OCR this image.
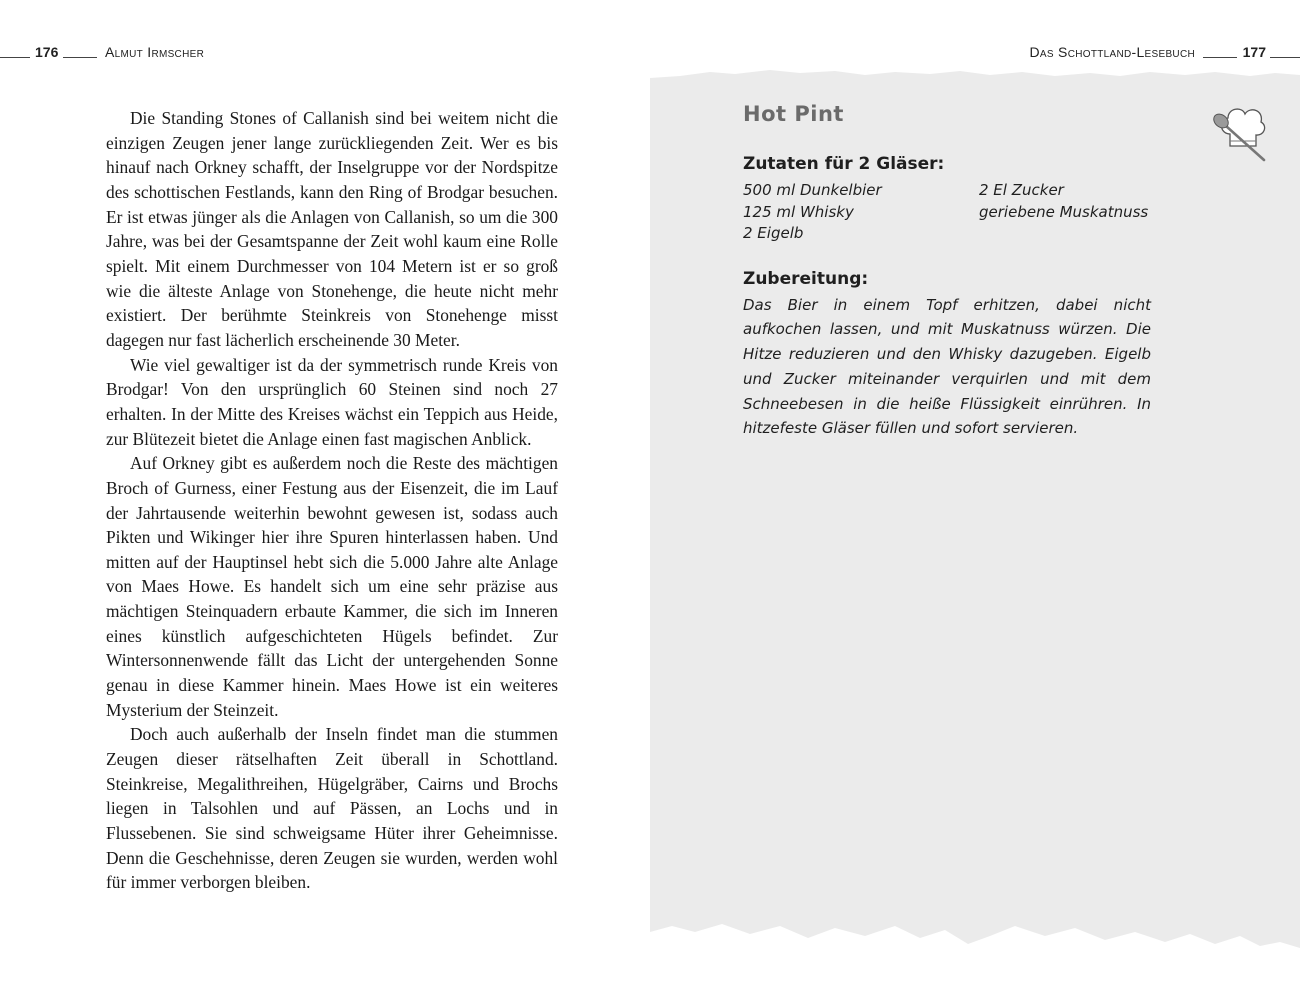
176	Almut Irmscher	Das Schottland-Lesebuch	177

Die Standing Stones of Callanish sind bei weitem nicht die einzigen Zeugen jener lange zurückliegenden Zeit. Wer es bis hinauf nach Orkney schafft, der Inselgruppe vor der Nordspitze des schottischen Festlands, kann den Ring of Brodgar besuchen. Er ist etwas jünger als die Anlagen von Callanish, so um die 300 Jahre, was bei der Gesamtspanne der Zeit wohl kaum eine Rolle spielt. Mit einem Durchmesser von 104 Metern ist er so groß wie die älteste Anlage von Stonehenge, die heute nicht mehr existiert. Der berühmte Steinkreis von Stonehenge misst dagegen nur fast lächerlich erscheinende 30 Meter.

Wie viel gewaltiger ist da der symmetrisch runde Kreis von Brodgar! Von den ursprünglich 60 Steinen sind noch 27 erhalten. In der Mitte des Kreises wächst ein Teppich aus Heide, zur Blütezeit bietet die Anlage einen fast magischen Anblick.

Auf Orkney gibt es außerdem noch die Reste des mächtigen Broch of Gurness, einer Festung aus der Eisenzeit, die im Lauf der Jahrtausende weiterhin bewohnt gewesen ist, sodass auch Pikten und Wikinger hier ihre Spuren hinterlassen haben. Und mitten auf der Hauptinsel hebt sich die 5.000 Jahre alte Anlage von Maes Howe. Es handelt sich um eine sehr präzise aus mächtigen Steinquadern erbaute Kammer, die sich im Inneren eines künstlich aufgeschichteten Hügels befindet. Zur Wintersonnenwende fällt das Licht der untergehenden Sonne genau in diese Kammer hinein. Maes Howe ist ein weiteres Mysterium der Steinzeit.

Doch auch außerhalb der Inseln findet man die stummen Zeugen dieser rätselhaften Zeit überall in Schottland. Steinkreise, Megalithreihen, Hügelgräber, Cairns und Brochs liegen in Talsohlen und auf Pässen, an Lochs und in Flussebenen. Sie sind schweigsame Hüter ihrer Geheimnisse. Denn die Geschehnisse, deren Zeugen sie wurden, werden wohl für immer verborgen bleiben.

Hot Pint
Zutaten für 2 Gläser:
500 ml Dunkelbier	2 El Zucker
125 ml Whisky	geriebene Muskatnuss
2 Eigelb
Zubereitung:

Das Bier in einem Topf erhitzen, dabei nicht aufkochen lassen, und mit Muskatnuss würzen. Die Hitze reduzieren und den Whisky dazugeben. Eigelb und Zucker miteinander verquirlen und mit dem Schneebesen in die heiße Flüssigkeit einrühren. In hitzefeste Gläser füllen und sofort servieren.
